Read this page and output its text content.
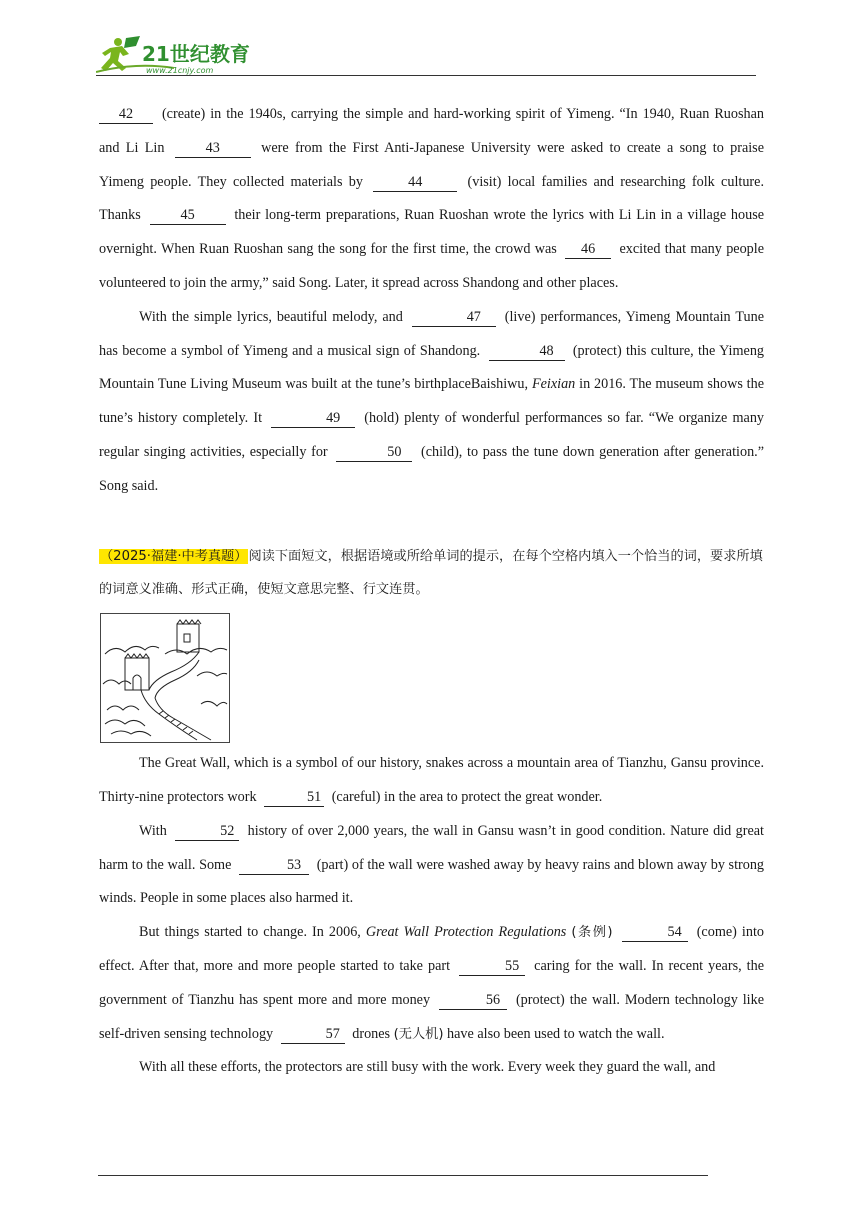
21世纪教育
www.21cnjy.com

42 (create) in the 1940s, carrying the simple and hard-working spirit of Yimeng. “In 1940, Ruan Ruoshan and Li Lin	43	were from the First Anti-Japanese University were asked to create a song to praise Yimeng people. They collected materials by	44	(visit) local families and researching folk culture. Thanks	45	their long-term preparations, Ruan Ruoshan wrote the lyrics with Li Lin in a village house overnight. When Ruan Ruoshan sang the song for the first time, the crowd was 46 excited that many people volunteered to join the army,” said Song. Later, it spread across Shandong and other places.

With the simple lyrics, beautiful melody, and	47 (live) performances, Yimeng Mountain Tune has become a symbol of Yimeng and a musical sign of Shandong.	48 (protect) this culture, the Yimeng Mountain Tune Living Museum was built at the tune’s birthplaceBaishiwu, Feixian in 2016. The museum shows the tune’s history completely. It	49 (hold) plenty of wonderful performances so far. “We organize many regular singing activities, especially for	50 (child), to pass the tune down generation after generation.” Song said.

（2025·福建·中考真题）阅读下面短文，根据语境或所给单词的提示，在每个空格内填入一个恰当的词，要求所填的词意义准确、形式正确，使短文意思完整、行文连贯。

The Great Wall, which is a symbol of our history, snakes across a mountain area of Tianzhu, Gansu province. Thirty-nine protectors work	51 (careful) in the area to protect the great wonder.

With	52 history of over 2,000 years, the wall in Gansu wasn’t in good condition. Nature did great harm to the wall. Some	53 (part) of the wall were washed away by heavy rains and blown away by strong winds. People in some places also harmed it.

But things started to change. In 2006, Great Wall Protection Regulations (条例)	54 (come) into effect. After that, more and more people started to take part	55 caring for the wall. In recent years, the government of Tianzhu has spent more and more money	56 (protect) the wall. Modern technology like self-driven sensing technology	57 drones (无人机) have also been used to watch the wall.

With all these efforts, the protectors are still busy with the work. Every week they guard the wall, and
